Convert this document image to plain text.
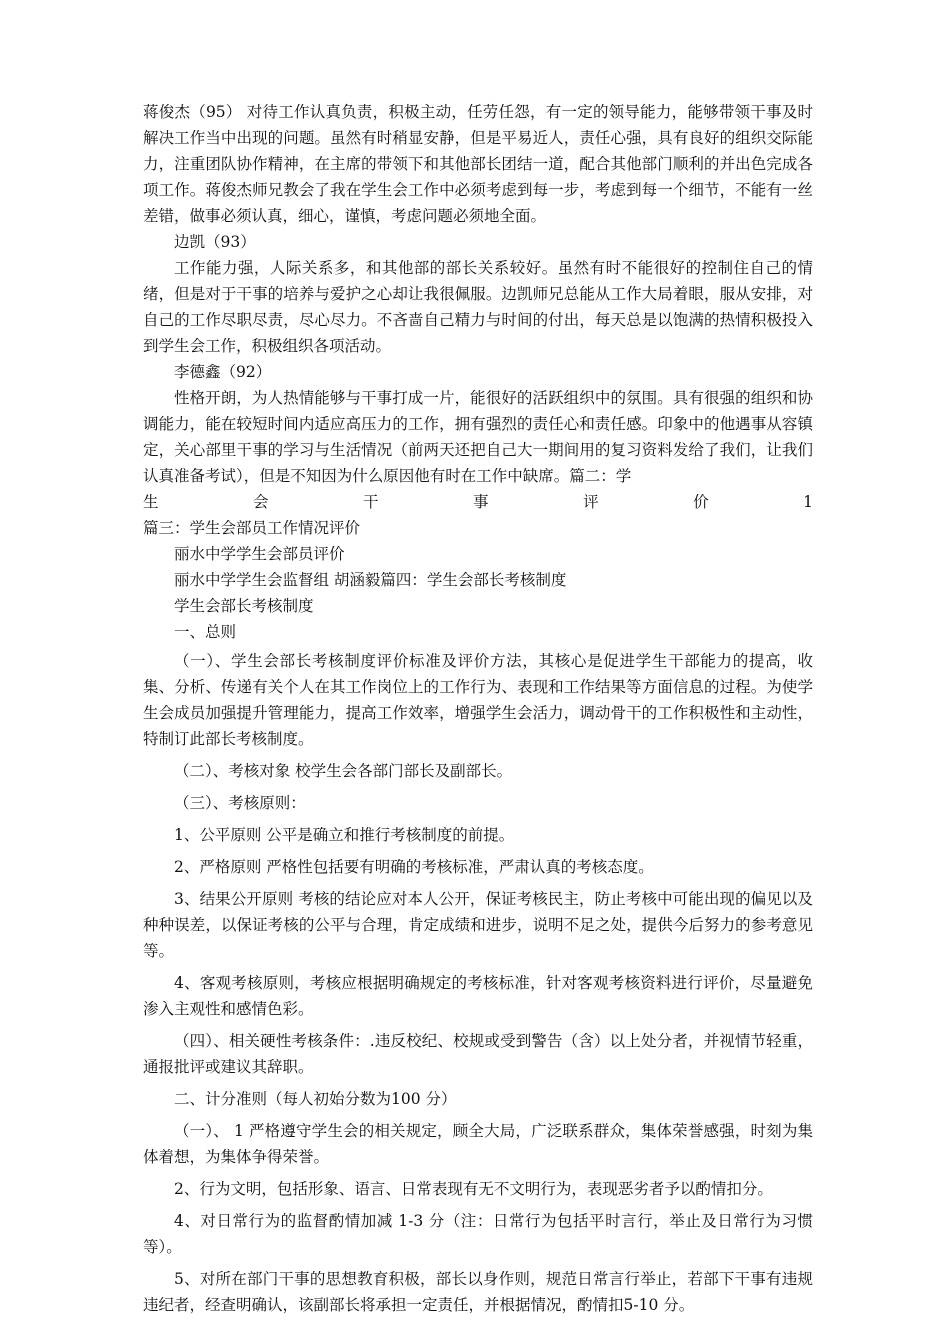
蒋俊杰（95） 对待工作认真负责，积极主动，任劳任怨，有一定的领导能力，能够带领干事及时解决工作当中出现的问题。虽然有时稍显安静，但是平易近人，责任心强，具有良好的组织交际能力，注重团队协作精神，在主席的带领下和其他部长团结一道，配合其他部门顺利的并出色完成各项工作。蒋俊杰师兄教会了我在学生会工作中必须考虑到每一步，考虑到每一个细节，不能有一丝差错，做事必须认真，细心，谨慎，考虑问题必须地全面。

边凯（93）

工作能力强，人际关系多，和其他部的部长关系较好。虽然有时不能很好的控制住自己的情绪，但是对于干事的培养与爱护之心却让我很佩服。边凯师兄总能从工作大局着眼，服从安排，对自己的工作尽职尽责，尽心尽力。不吝啬自己精力与时间的付出，每天总是以饱满的热情积极投入到学生会工作，积极组织各项活动。

李德鑫（92）

性格开朗，为人热情能够与干事打成一片，能很好的活跃组织中的氛围。具有很强的组织和协调能力，能在较短时间内适应高压力的工作，拥有强烈的责任心和责任感。印象中的他遇事从容镇定，关心部里干事的学习与生活情况（前两天还把自己大一期间用的复习资料发给了我们，让我们认真准备考试），但是不知因为什么原因他有时在工作中缺席。篇二：学

生	会	干	事	评	价	1

篇三：学生会部员工作情况评价

丽水中学学生会部员评价

丽水中学学生会监督组 胡涵毅篇四：学生会部长考核制度

学生会部长考核制度

一、总则

（一）、学生会部长考核制度评价标准及评价方法，其核心是促进学生干部能力的提高，收集、分析、传递有关个人在其工作岗位上的工作行为、表现和工作结果等方面信息的过程。为使学生会成员加强提升管理能力，提高工作效率，增强学生会活力，调动骨干的工作积极性和主动性，特制订此部长考核制度。

（二）、考核对象 校学生会各部门部长及副部长。

（三）、考核原则：

1、公平原则 公平是确立和推行考核制度的前提。

2、严格原则 严格性包括要有明确的考核标准，严肃认真的考核态度。

3、结果公开原则 考核的结论应对本人公开，保证考核民主，防止考核中可能出现的偏见以及种种误差，以保证考核的公平与合理，肯定成绩和进步，说明不足之处，提供今后努力的参考意见等。

4、客观考核原则，考核应根据明确规定的考核标准，针对客观考核资料进行评价，尽量避免渗入主观性和感情色彩。

（四）、相关硬性考核条件：.违反校纪、校规或受到警告（含）以上处分者，并视情节轻重，通报批评或建议其辞职。

二、计分准则（每人初始分数为100 分）

（一）、 1 严格遵守学生会的相关规定，顾全大局，广泛联系群众，集体荣誉感强，时刻为集体着想，为集体争得荣誉。

2、行为文明，包括形象、语言、日常表现有无不文明行为，表现恶劣者予以酌情扣分。

4、对日常行为的监督酌情加减 1-3 分（注：日常行为包括平时言行，举止及日常行为习惯等）。

5、对所在部门干事的思想教育积极，部长以身作则，规范日常言行举止，若部下干事有违规违纪者，经查明确认，该副部长将承担一定责任，并根据情况，酌情扣5-10 分。
